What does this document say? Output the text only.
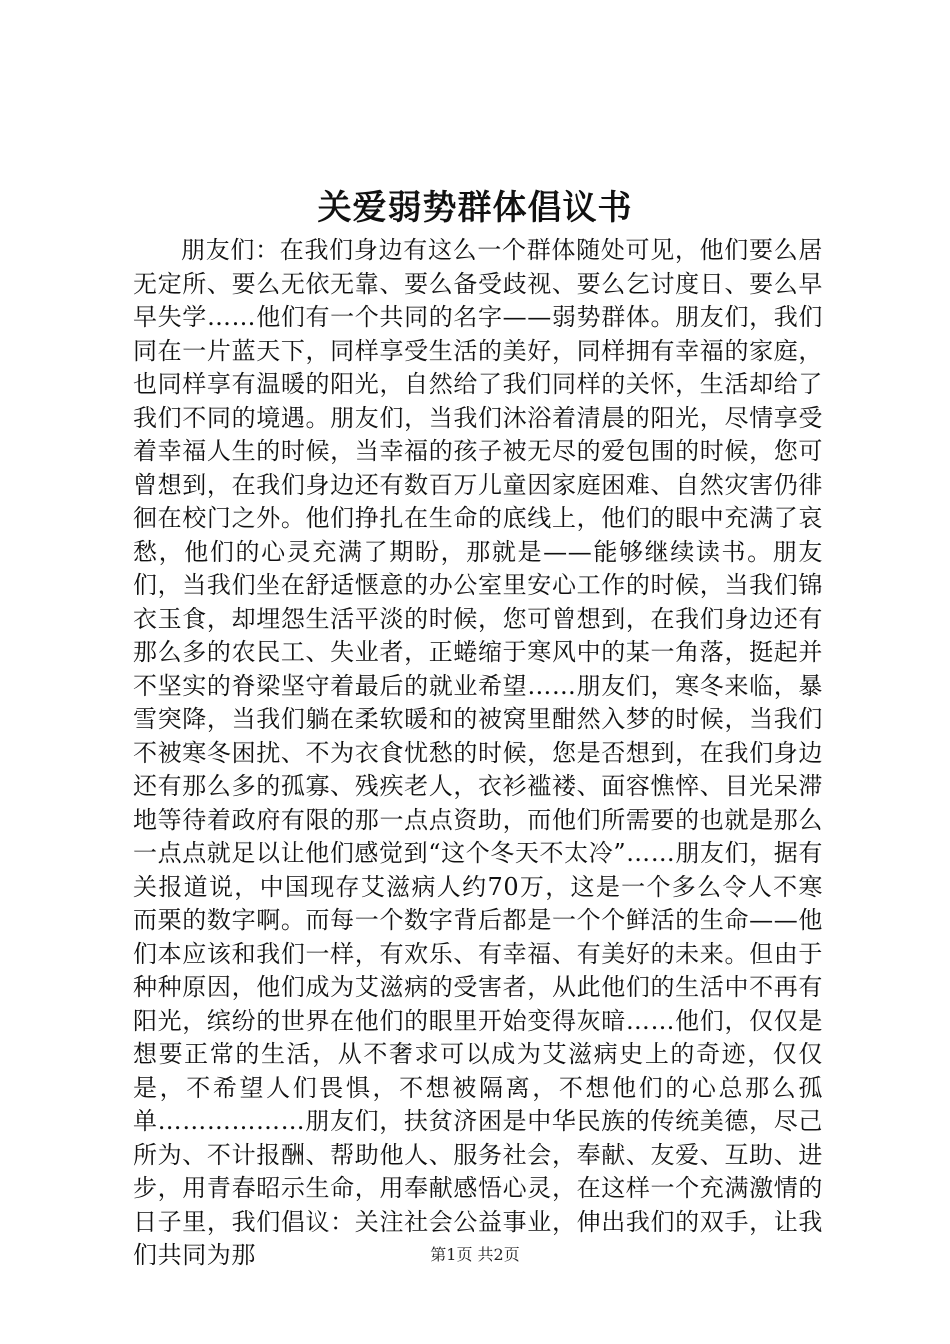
关爱弱势群体倡议书

朋友们：在我们身边有这么一个群体随处可见，他们要么居无定所、要么无依无靠、要么备受歧视、要么乞讨度日、要么早早失学……他们有一个共同的名字——弱势群体。朋友们，我们同在一片蓝天下，同样享受生活的美好，同样拥有幸福的家庭，也同样享有温暖的阳光，自然给了我们同样的关怀，生活却给了我们不同的境遇。朋友们，当我们沐浴着清晨的阳光，尽情享受着幸福人生的时候，当幸福的孩子被无尽的爱包围的时候，您可曾想到，在我们身边还有数百万儿童因家庭困难、自然灾害仍徘徊在校门之外。他们挣扎在生命的底线上，他们的眼中充满了哀愁，他们的心灵充满了期盼，那就是——能够继续读书。朋友们，当我们坐在舒适惬意的办公室里安心工作的时候，当我们锦衣玉食，却埋怨生活平淡的时候，您可曾想到，在我们身边还有那么多的农民工、失业者，正蜷缩于寒风中的某一角落，挺起并不坚实的脊梁坚守着最后的就业希望……朋友们，寒冬来临，暴雪突降，当我们躺在柔软暖和的被窝里酣然入梦的时候，当我们不被寒冬困扰、不为衣食忧愁的时候，您是否想到，在我们身边还有那么多的孤寡、残疾老人，衣衫褴褛、面容憔悴、目光呆滞地等待着政府有限的那一点点资助，而他们所需要的也就是那么一点点就足以让他们感觉到“这个冬天不太冷”……朋友们，据有关报道说，中国现存艾滋病人约70万，这是一个多么令人不寒而栗的数字啊。而每一个数字背后都是一个个鲜活的生命——他们本应该和我们一样，有欢乐、有幸福、有美好的未来。但由于种种原因，他们成为艾滋病的受害者，从此他们的生活中不再有阳光，缤纷的世界在他们的眼里开始变得灰暗……他们，仅仅是想要正常的生活，从不奢求可以成为艾滋病史上的奇迹，仅仅是，不希望人们畏惧，不想被隔离，不想他们的心总那么孤单………………朋友们，扶贫济困是中华民族的传统美德，尽己所为、不计报酬、帮助他人、服务社会，奉献、友爱、互助、进步，用青春昭示生命，用奉献感悟心灵，在这样一个充满激情的日子里，我们倡议：关注社会公益事业，伸出我们的双手，让我们共同为那	第1页 共2页
